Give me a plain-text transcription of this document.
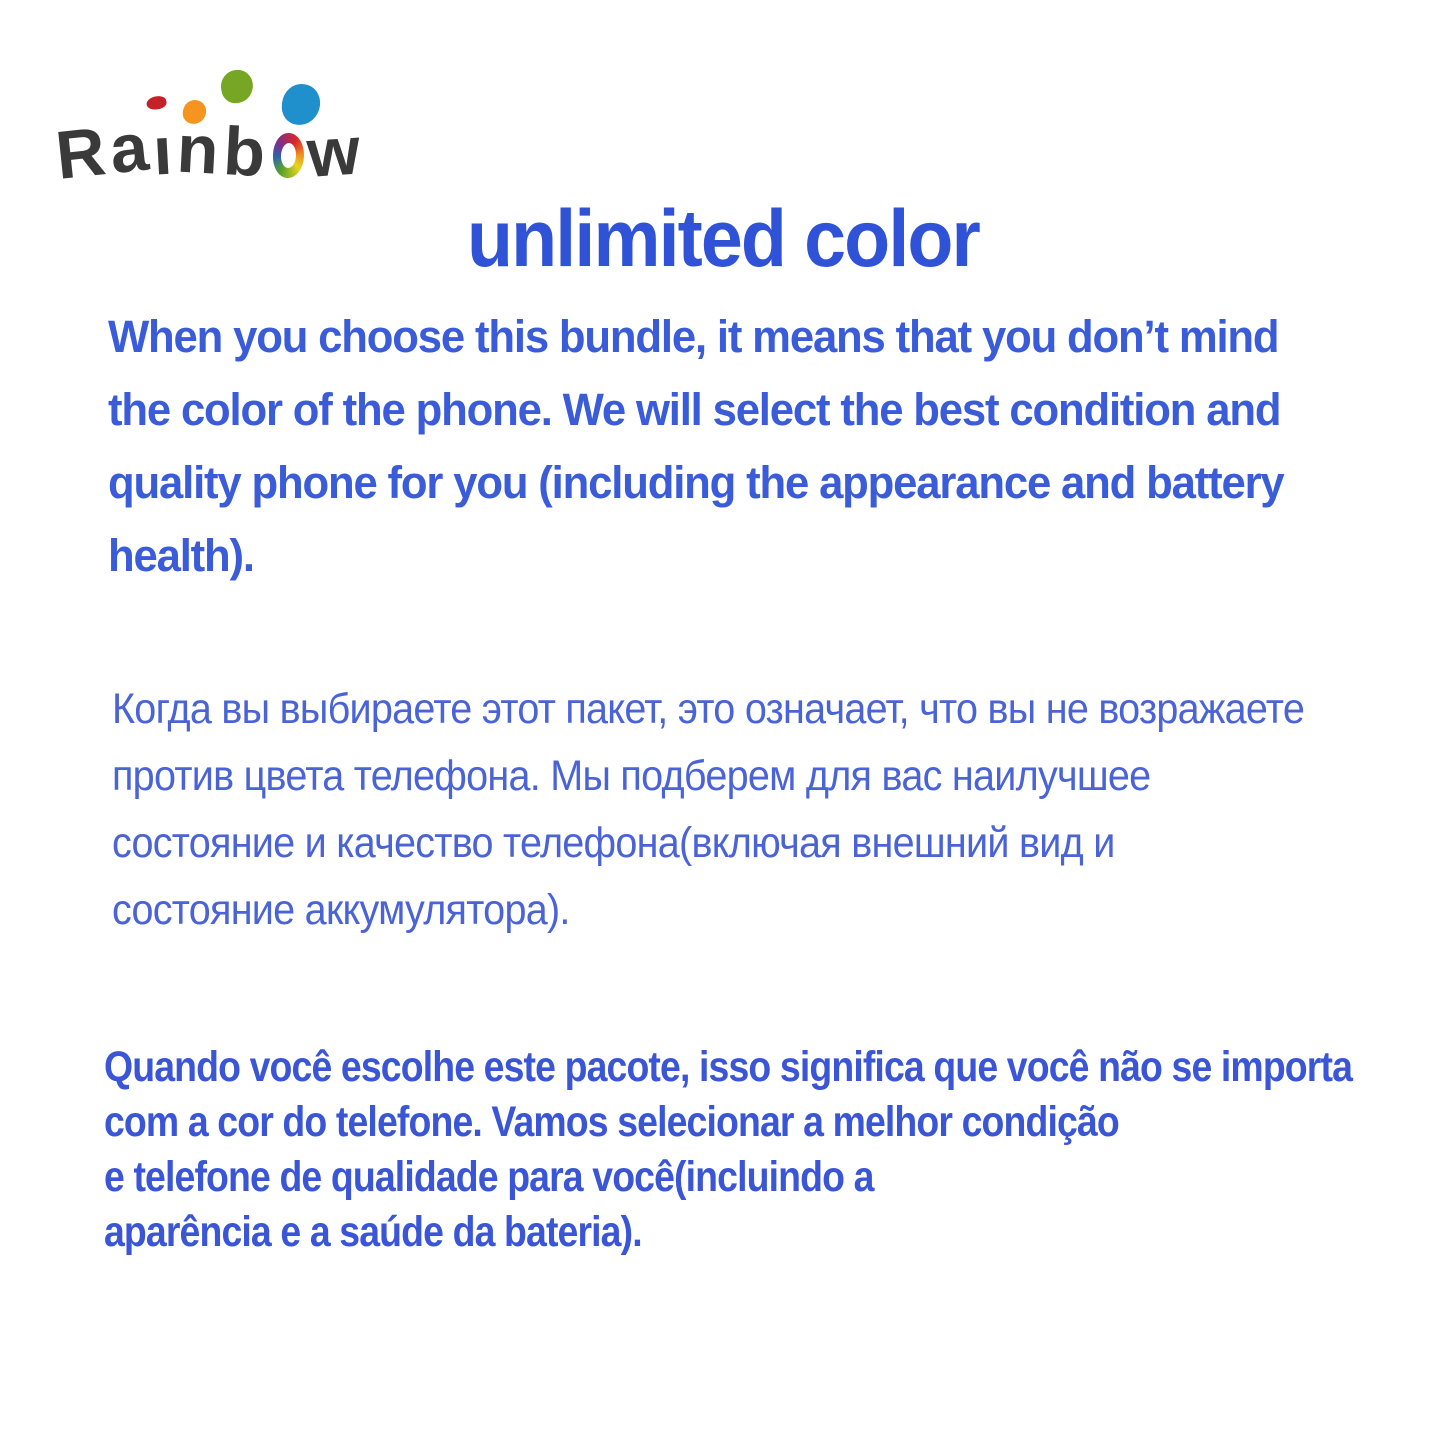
Raı
nb w
unlimited color
When you choose this bundle, it means that you don’t mind
the color of the phone. We will select the best condition and
quality phone for you (including the appearance and battery
health).
Когда вы выбираете этот пакет, это означает, что вы не возражаете
против цвета телефона. Мы подберем для вас наилучшее
состояние и качество телефона(включая внешний вид и
состояние аккумулятора).
Quando você escolhe este pacote, isso significa que você não se importa
com a cor do telefone. Vamos selecionar a melhor condição
e telefone de qualidade para você(incluindo a
aparência e a saúde da bateria).
